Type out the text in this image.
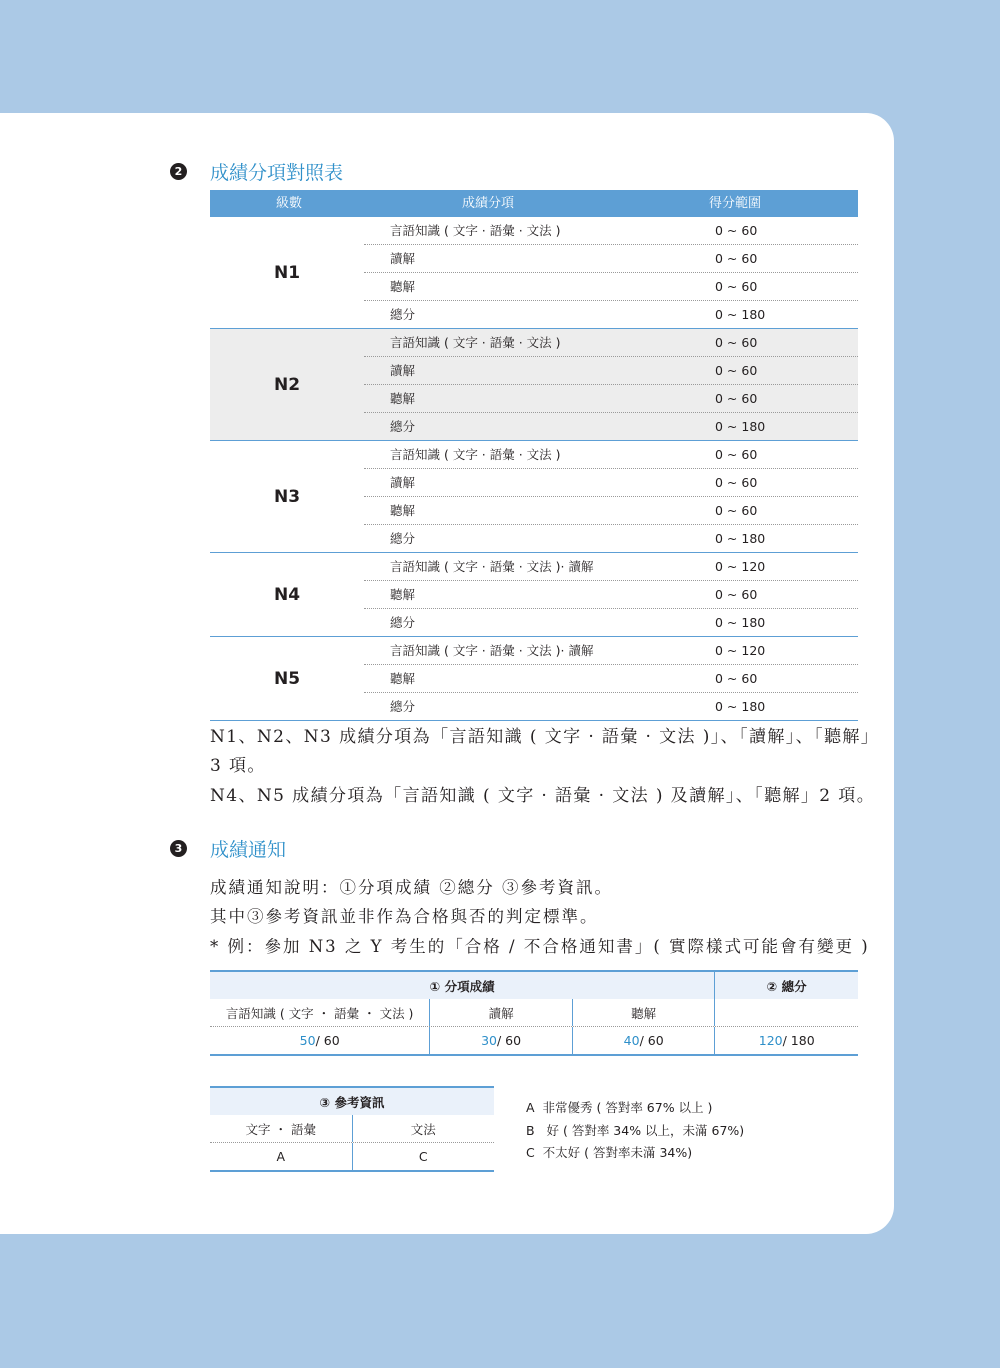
2 成績分項對照表
級數	成績分項	得分範圍
N1
言語知識 ( 文字 · 語彙 · 文法 )	0 ~ 60
讀解	0 ~ 60
聽解	0 ~ 60
總分	0 ~ 180
N2
言語知識 ( 文字 · 語彙 · 文法 )	0 ~ 60
讀解	0 ~ 60
聽解	0 ~ 60
總分	0 ~ 180
N3
言語知識 ( 文字 · 語彙 · 文法 )	0 ~ 60
讀解	0 ~ 60
聽解	0 ~ 60
總分	0 ~ 180
N4
言語知識 ( 文字 · 語彙 · 文法 )· 讀解	0 ~ 120
聽解	0 ~ 60
總分	0 ~ 180
N5
言語知識 ( 文字 · 語彙 · 文法 )· 讀解	0 ~ 120
聽解	0 ~ 60
總分	0 ~ 180
N1、N2、N3 成績分項為「言語知識 ( 文字 · 語彙 · 文法 )」、「讀解」、「聽解」
3 項。
N4、N5 成績分項為「言語知識 ( 文字 · 語彙 · 文法 ) 及讀解」、「聽解」2 項。
3 成績通知
成績通知說明：①分項成績 ②總分 ③參考資訊。
其中③參考資訊並非作為合格與否的判定標準。
* 例：參加 N3 之 Y 考生的「合格 / 不合格通知書」( 實際樣式可能會有變更 )
① 分項成績	② 總分
言語知識 ( 文字 ・ 語彙 ・ 文法 )	讀解	聽解
50 / 60	30 / 60	40 / 60	120 / 180
③ 參考資訊
文字 ・ 語彙	文法
A	C
A  非常優秀 ( 答對率 67% 以上 )
B   好 ( 答對率 34% 以上，未滿 67%)
C  不太好 ( 答對率未滿 34%)
